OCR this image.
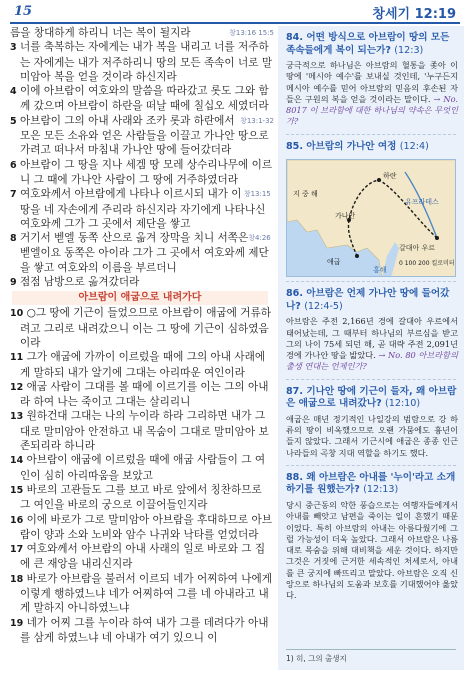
15	창세기 12:19
창13:16 15:5
름을 창대하게 하리니 너는 복이 될지라
3 너를 축복하는 자에게는 내가 복을 내리고 너를 저주하는 자에게는 내가 저주하리니 땅의 모든 족속이 너로 말미암아 복을 얻을 것이라 하신지라
4 이에 아브람이 여호와의 말씀을 따라갔고 롯도 그와 함께 갔으며 아브람이 하란을 떠날 때에 칠십오 세였더라
창13:1-32
5 아브람이 그의 아내 사래와 조카 롯과 하란에서 모은 모든 소유와 얻은 사람들을 이끌고 가나안 땅으로 가려고 떠나서 마침내 가나안 땅에 들어갔더라
6 아브람이 그 땅을 지나 세겜 땅 모레 상수리나무에 이르니 그 때에 가나안 사람이 그 땅에 거주하였더라
창13:15
7 여호와께서 아브람에게 나타나 이르시되 내가 이 땅을 네 자손에게 주리라 하신지라 자기에게 나타나신 여호와께 그가 그 곳에서 제단을 쌓고
창4:26
8 거기서 벧엘 동쪽 산으로 옮겨 장막을 치니 서쪽은 벧엘이요 동쪽은 아이라 그가 그 곳에서 여호와께 제단을 쌓고 여호와의 이름을 부르더니
9 점점 남방으로 옮겨갔더라
아브람이 애굽으로 내려가다
10 ○그 땅에 기근이 들었으므로 아브람이 애굽에 거류하려고 그리로 내려갔으니 이는 그 땅에 기근이 심하였음이라
11 그가 애굽에 가까이 이르렀을 때에 그의 아내 사래에게 말하되 내가 알기에 그대는 아리따운 여인이라
12 애굽 사람이 그대를 볼 때에 이르기를 이는 그의 아내라 하여 나는 죽이고 그대는 살리리니
13 원하건대 그대는 나의 누이라 하라 그리하면 내가 그대로 말미암아 안전하고 내 목숨이 그대로 말미암아 보존되리라 하니라
14 아브람이 애굽에 이르렀을 때에 애굽 사람들이 그 여인이 심히 아리따움을 보았고
15 바로의 고관들도 그를 보고 바로 앞에서 칭찬하므로 그 여인을 바로의 궁으로 이끌어들인지라
16 이에 바로가 그로 말미암아 아브람을 후대하므로 아브람이 양과 소와 노비와 암수 나귀와 낙타를 얻었더라
17 여호와께서 아브람의 아내 사래의 일로 바로와 그 집에 큰 재앙을 내리신지라
18 바로가 아브람을 불러서 이르되 네가 어찌하여 나에게 이렇게 행하였느냐 네가 어찌하여 그를 네 아내라고 내게 말하지 아니하였느냐
19 네가 어찌 그를 누이라 하여 내가 그를 데려다가 아내를 삼게 하였느냐 네 아내가 여기 있으니 이
84. 어떤 방식으로 아브람이 땅의 모든 족속들에게 복이 되는가? (12:3)
궁극적으로 하나님은 아브람의 혈통을 좇아 이 땅에 '메시아 예수'를 보내실 것인데, '누구든지 메시아 예수를 믿어 아브람의 믿음의 후손된 자들은 구원의 복을 얻을 것이라는 말이다. → No. 8017 이 브라함에 대한 하나님의 약속은 무엇인가?
85. 아브람의 가나안 여정 (12:4)
지 중 해
하란
가나안
애굽
유프라테스
갈대아 우르
홍해
0 100 200 킬로미터
86. 아브람은 언제 가나안 땅에 들어갔나? (12:4-5)
아브람은 주전 2,166년 경에 갈대아 우르에서 태어났는데, 그 때부터 하나님의 부르심을 받고 그의 나이 75세 되던 해, 곧 대략 주전 2,091년 경에 가나안 땅을 밟았다. → No. 80 아브라함의 출생 연대는 언제인가?
87. 기나안 땅에 기근이 들자, 왜 아브람은 애굽으로 내려갔나? (12:10)
애굽은 매년 정기적인 나일강의 범람으로 강 하류의 땅이 비옥했으므로 오랜 가뭄에도 흉년이 들지 않았다. 그래서 기근시에 애굽은 종종 인근 나라들의 곡창 지대 역할을 하기도 했다.
88. 왜 아브람은 아내를 '누이'라고 소개하기를 원했는가? (12:13)
당시 중근동의 악한 풍습으로는 여행자들에게서 아내를 빼앗고 남편을 죽이는 일이 흔했기 때문이었다. 특히 아브람의 아내는 아름다웠기에 그럴 가능성이 더욱 높았다. 그래서 아브람은 나름대로 목숨을 위해 대비책을 세운 것이다. 하지만 그것은 거짓에 근거한 세속적인 처세로서, 아내를 큰 궁지에 빠뜨리고 말았다. 아브람은 오직 신앙으로 하나님의 도움과 보호를 기대했어야 옳았다.
1) 히, 그의 출생지
